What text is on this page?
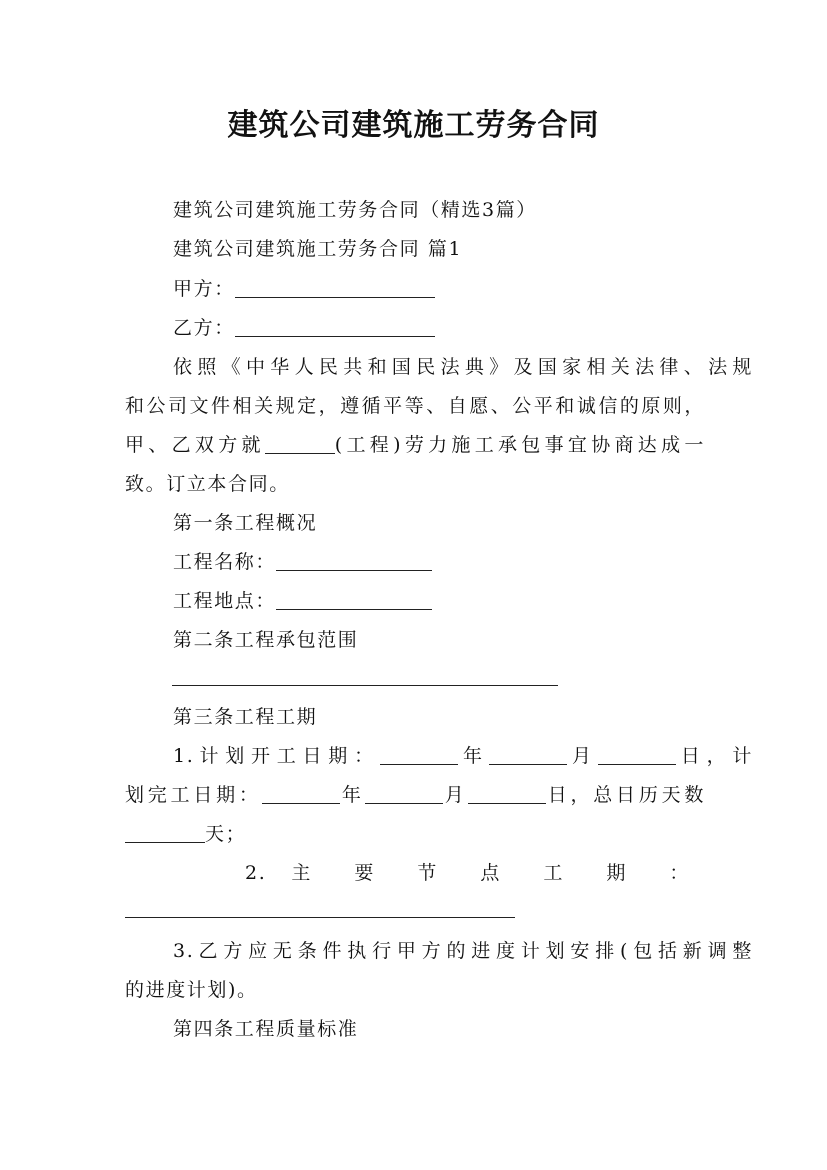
建筑公司建筑施工劳务合同
建筑公司建筑施工劳务合同（精选3篇）
建筑公司建筑施工劳务合同 篇1
甲方：
乙方：
依照《中华人民共和国民法典》及国家相关法律、法规
和公司文件相关规定，遵循平等、自愿、公平和诚信的原则，
甲、乙双方就	(工程)劳力施工承包事宜协商达成一
致。订立本合同。
第一条工程概况
工程名称：
工程地点：
第二条工程承包范围
第三条工程工期
1.计划开工日期：	年	月	日，计
划完工日期：	年	月	日，总日历天数
天；
2. 主 要 节 点 工 期 ：
3.乙方应无条件执行甲方的进度计划安排(包括新调整
的进度计划)。
第四条工程质量标准
